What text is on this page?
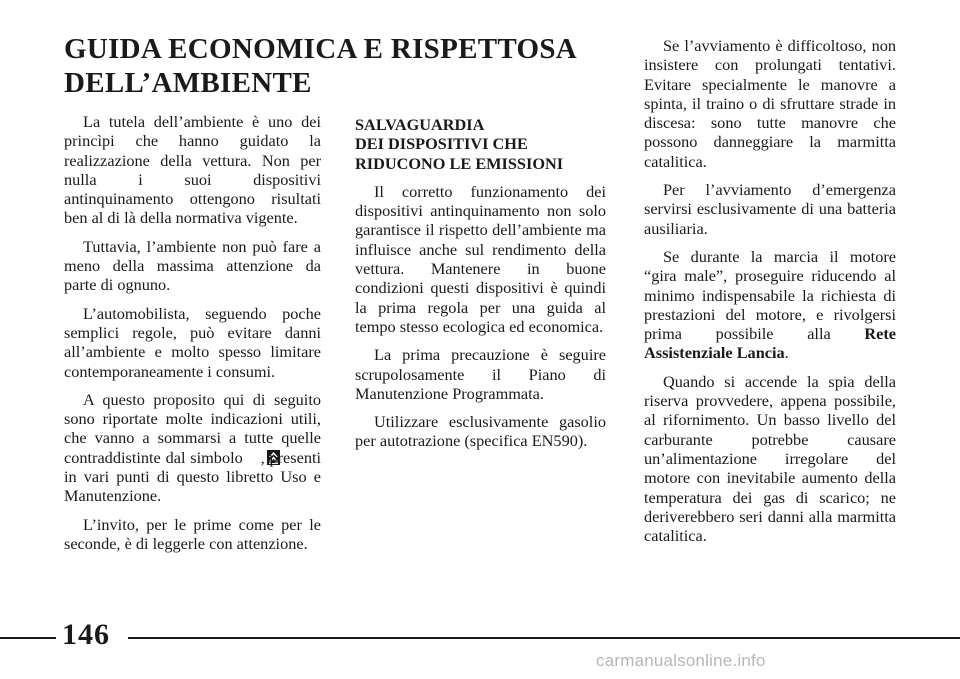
GUIDA ECONOMICA E RISPETTOSA
DELL’AMBIENTE

La tutela dell’ambiente è uno dei princìpi che hanno guidato la realizzazione della vettura. Non per nulla i suoi dispositivi antinquinamento ottengono risultati ben al di là della normativa vigente.

Tuttavia, l’ambiente non può fare a meno della massima attenzione da parte di ognuno.

L’automobilista, seguendo poche semplici regole, può evitare danni all’ambiente e molto spesso limitare contemporaneamente i consumi.

A questo proposito qui di seguito sono riportate molte indicazioni utili, che vanno a sommarsi a tutte quelle contraddistinte dal simbolo , presenti in vari punti di questo libretto Uso e Manutenzione.

L’invito, per le prime come per le seconde, è di leggerle con attenzione.

SALVAGUARDIA
DEI DISPOSITIVI CHE
RIDUCONO LE EMISSIONI

Il corretto funzionamento dei dispositivi antinquinamento non solo garantisce il rispetto dell’ambiente ma influisce anche sul rendimento della vettura. Mantenere in buone condizioni questi dispositivi è quindi la prima regola per una guida al tempo stesso ecologica ed economica.

La prima precauzione è seguire scrupolosamente il Piano di Manutenzione Programmata.

Utilizzare esclusivamente gasolio per autotrazione (specifica EN590).

Se l’avviamento è difficoltoso, non insistere con prolungati tentativi. Evitare specialmente le manovre a spinta, il traino o di sfruttare strade in discesa: sono tutte manovre che possono danneggiare la marmitta catalitica.

Per l’avviamento d’emergenza servirsi esclusivamente di una batteria ausiliaria.

Se durante la marcia il motore “gira male”, proseguire riducendo al minimo indispensabile la richiesta di prestazioni del motore, e rivolgersi prima possibile alla Rete Assistenziale Lancia.

Quando si accende la spia della riserva provvedere, appena possibile, al rifornimento. Un basso livello del carburante potrebbe causare un’alimentazione irregolare del motore con inevitabile aumento della temperatura dei gas di scarico; ne deriverebbero seri danni alla marmitta catalitica.

146
carmanualsonline.info
